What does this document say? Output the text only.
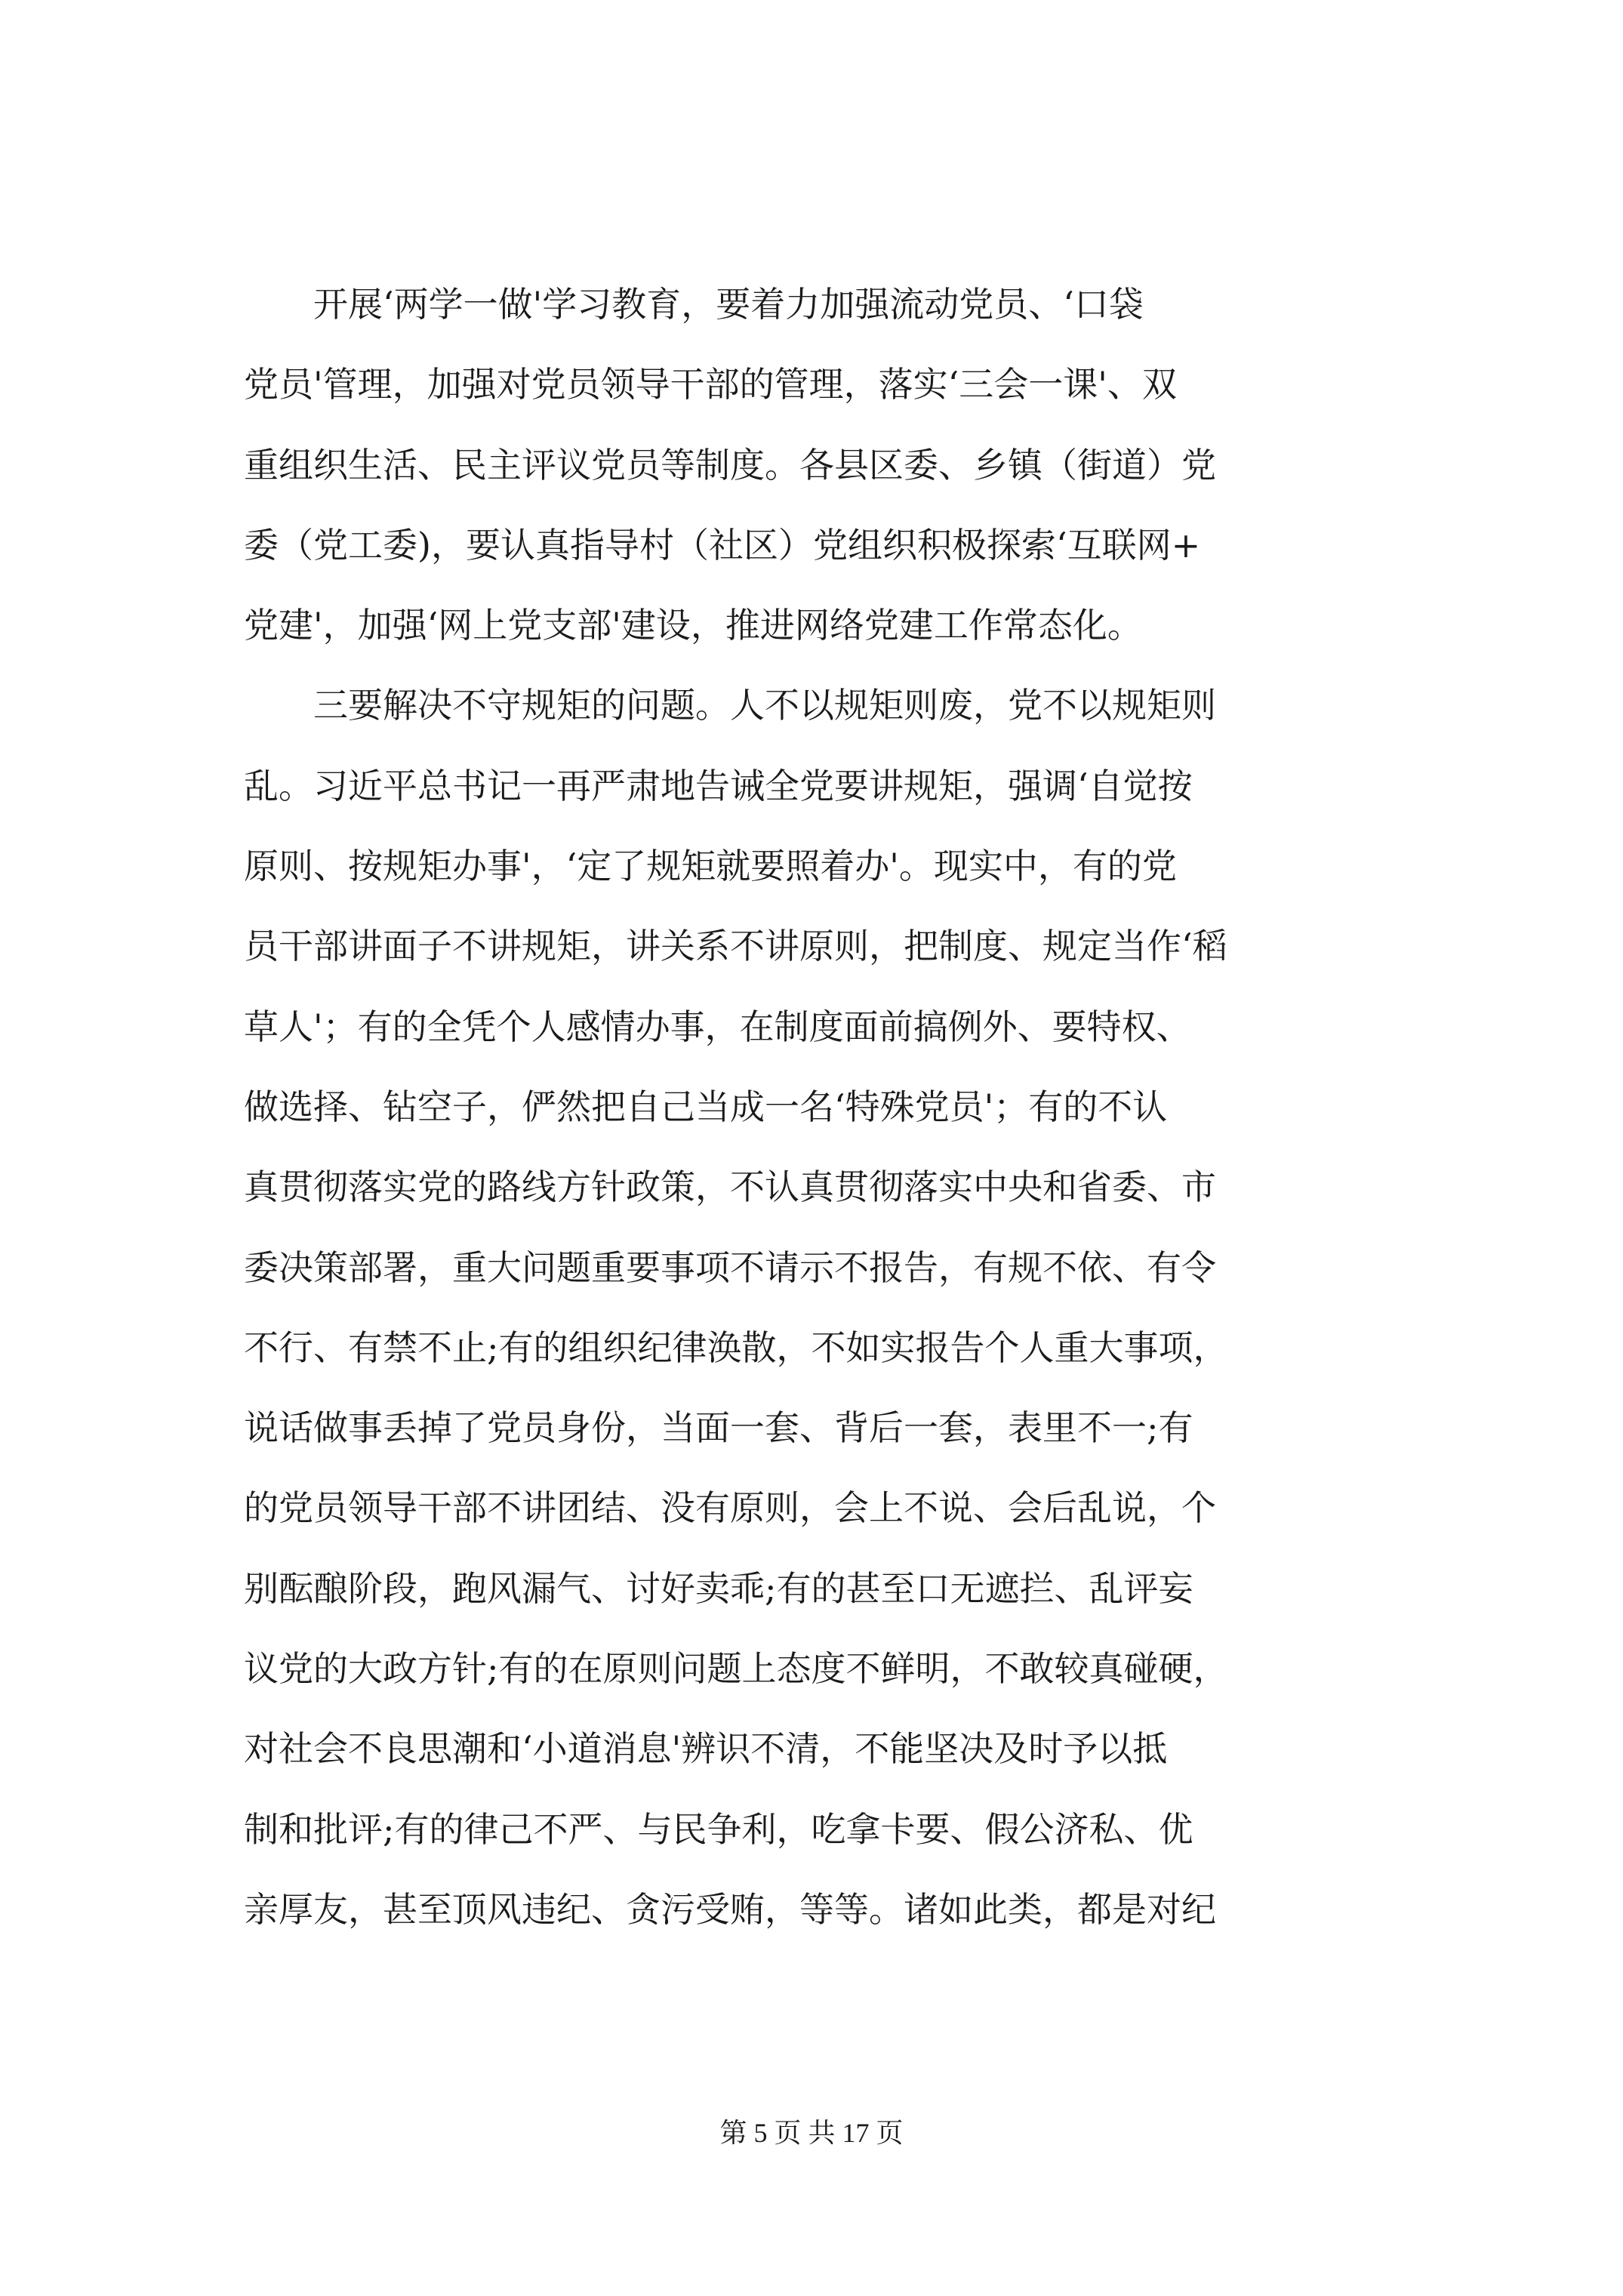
开展‘两学一做'学习教育，要着力加强流动党员、‘口袋
党员'管理，加强对党员领导干部的管理，落实‘三会一课'、双
重组织生活、民主评议党员等制度。各县区委、乡镇（街道）党
委（党工委)，要认真指导村（社区）党组织积极探索‘互联网+
党建'，加强‘网上党支部'建设，推进网络党建工作常态化。
三要解决不守规矩的问题。人不以规矩则废，党不以规矩则
乱。习近平总书记一再严肃地告诫全党要讲规矩，强调‘自觉按
原则、按规矩办事'，‘定了规矩就要照着办'。现实中，有的党
员干部讲面子不讲规矩，讲关系不讲原则，把制度、规定当作‘稻
草人'；有的全凭个人感情办事，在制度面前搞例外、要特权、
做选择、钻空子，俨然把自己当成一名‘特殊党员'；有的不认
真贯彻落实党的路线方针政策，不认真贯彻落实中央和省委、市
委决策部署，重大问题重要事项不请示不报告，有规不依、有令
不行、有禁不止;有的组织纪律涣散，不如实报告个人重大事项，
说话做事丢掉了党员身份，当面一套、背后一套，表里不一;有
的党员领导干部不讲团结、没有原则，会上不说、会后乱说，个
别酝酿阶段，跑风漏气、讨好卖乖;有的甚至口无遮拦、乱评妄
议党的大政方针;有的在原则问题上态度不鲜明，不敢较真碰硬，
对社会不良思潮和‘小道消息'辨识不清，不能坚决及时予以抵
制和批评;有的律己不严、与民争利，吃拿卡要、假公济私、优
亲厚友，甚至顶风违纪、贪污受贿，等等。诸如此类，都是对纪
第 5 页 共 17 页
